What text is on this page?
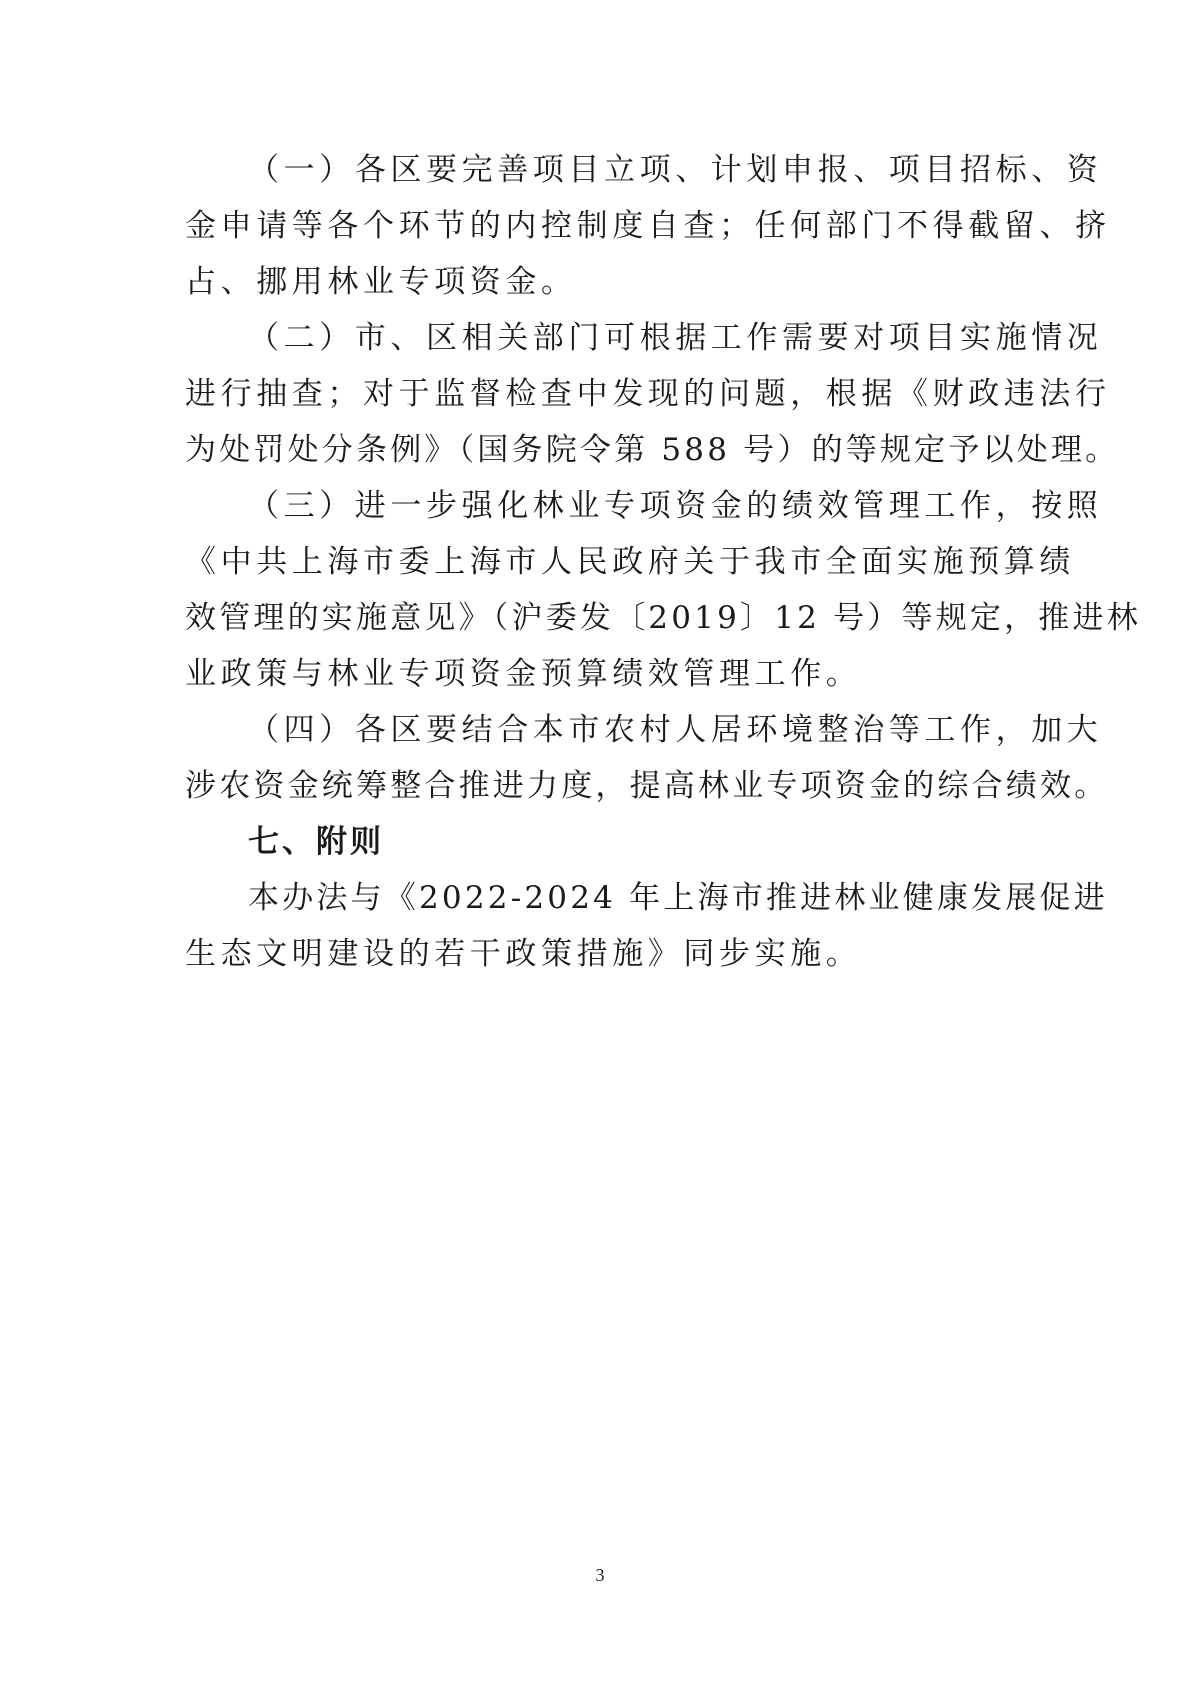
（一）各区要完善项目立项、计划申报、项目招标、资
金申请等各个环节的内控制度自查；任何部门不得截留、挤
占、挪用林业专项资金。
（二）市、区相关部门可根据工作需要对项目实施情况
进行抽查；对于监督检查中发现的问题，根据《财政违法行
为处罚处分条例》（国务院令第 588 号）的等规定予以处理。
（三）进一步强化林业专项资金的绩效管理工作，按照
《中共上海市委上海市人民政府关于我市全面实施预算绩
效管理的实施意见》（沪委发〔2019〕12 号）等规定，推进林
业政策与林业专项资金预算绩效管理工作。
（四）各区要结合本市农村人居环境整治等工作，加大
涉农资金统筹整合推进力度，提高林业专项资金的综合绩效。
七、附则
本办法与《2022-2024 年上海市推进林业健康发展促进
生态文明建设的若干政策措施》同步实施。
3
